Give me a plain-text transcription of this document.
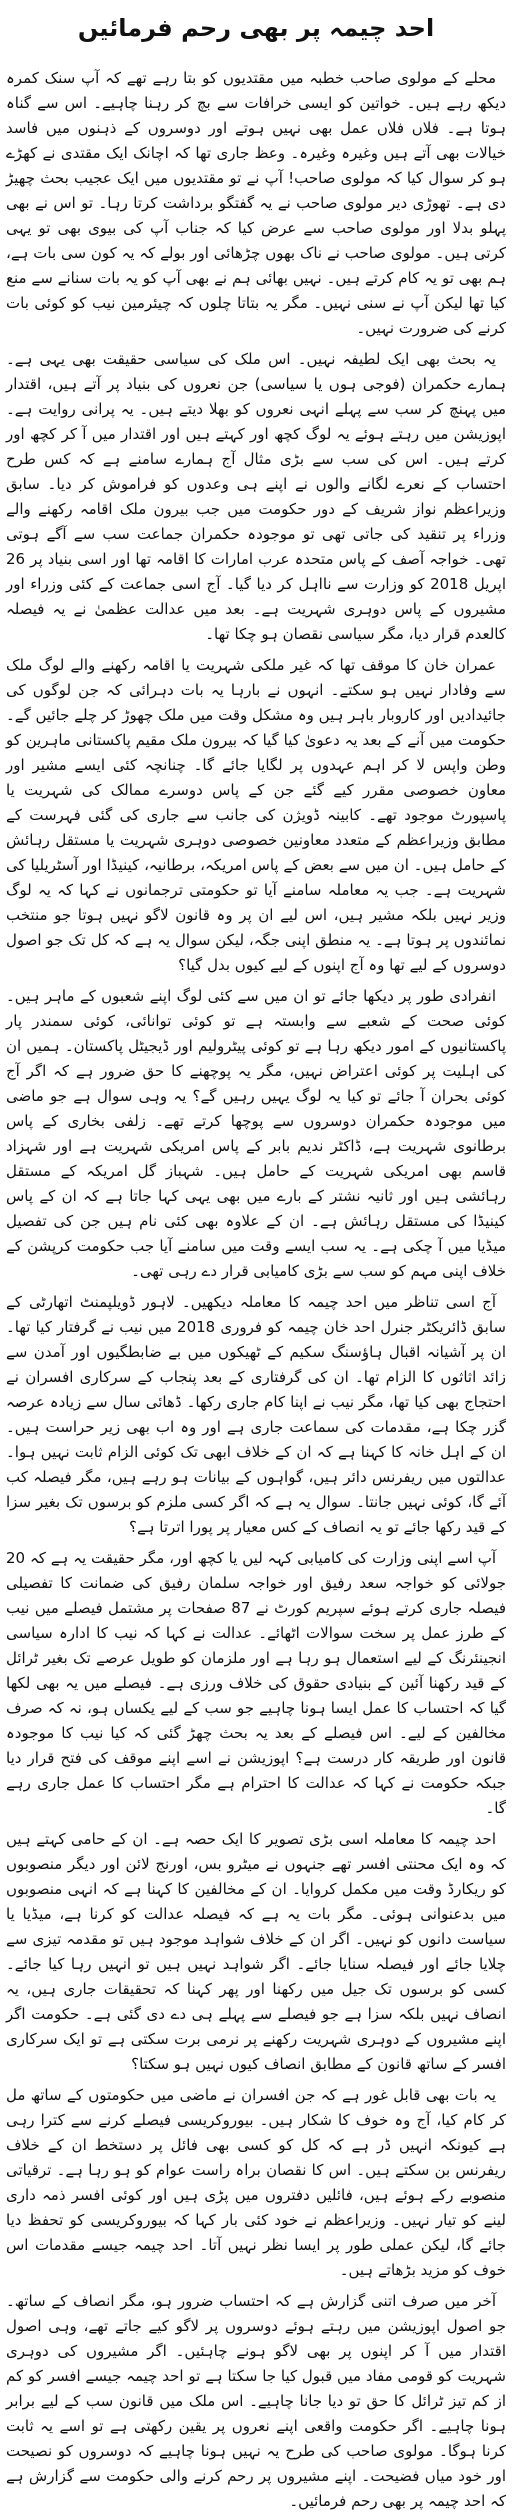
احد چیمہ پر بھی رحم فرمائیں

محلے کے مولوی صاحب خطبہ میں مقتدیوں کو بتا رہے تھے کہ آپ سنک کمرہ دیکھ رہے ہیں۔ خواتین کو ایسی خرافات سے بچ کر رہنا چاہیے۔ اس سے گناہ ہوتا ہے۔ فلاں فلاں عمل بھی نہیں ہوتے اور دوسروں کے ذہنوں میں فاسد خیالات بھی آتے ہیں وغیرہ وغیرہ۔ وعظ جاری تھا کہ اچانک ایک مقتدی نے کھڑے ہو کر سوال کیا کہ مولوی صاحب! آپ نے تو مقتدیوں میں ایک عجیب بحث چھیڑ دی ہے۔ تھوڑی دیر مولوی صاحب نے یہ گفتگو برداشت کرتا رہا۔ تو اس نے بھی پہلو بدلا اور مولوی صاحب سے عرض کیا کہ جناب آپ کی بیوی بھی تو یہی کرتی ہیں۔ مولوی صاحب نے ناک بھوں چڑھائی اور بولے کہ یہ کون سی بات ہے، ہم بھی تو یہ کام کرتے ہیں۔ نہیں بھائی ہم نے بھی آپ کو یہ بات سنانے سے منع کیا تھا لیکن آپ نے سنی نہیں۔ مگر یہ بتاتا چلوں کہ چیئرمین نیب کو کوئی بات کرنے کی ضرورت نہیں۔

یہ بحث بھی ایک لطیفہ نہیں۔ اس ملک کی سیاسی حقیقت بھی یہی ہے۔ ہمارے حکمران (فوجی ہوں یا سیاسی) جن نعروں کی بنیاد پر آتے ہیں، اقتدار میں پہنچ کر سب سے پہلے انہی نعروں کو بھلا دیتے ہیں۔ یہ پرانی روایت ہے۔ اپوزیشن میں رہتے ہوئے یہ لوگ کچھ اور کہتے ہیں اور اقتدار میں آ کر کچھ اور کرتے ہیں۔ اس کی سب سے بڑی مثال آج ہمارے سامنے ہے کہ کس طرح احتساب کے نعرے لگانے والوں نے اپنے ہی وعدوں کو فراموش کر دیا۔ سابق وزیراعظم نواز شریف کے دور حکومت میں جب بیرون ملک اقامہ رکھنے والے وزراء پر تنقید کی جاتی تھی تو موجودہ حکمران جماعت سب سے آگے ہوتی تھی۔ خواجہ آصف کے پاس متحدہ عرب امارات کا اقامہ تھا اور اسی بنیاد پر 26 اپریل 2018 کو وزارت سے نااہل کر دیا گیا۔ آج اسی جماعت کے کئی وزراء اور مشیروں کے پاس دوہری شہریت ہے۔ بعد میں عدالت عظمیٰ نے یہ فیصلہ کالعدم قرار دیا، مگر سیاسی نقصان ہو چکا تھا۔

عمران خان کا موقف تھا کہ غیر ملکی شہریت یا اقامہ رکھنے والے لوگ ملک سے وفادار نہیں ہو سکتے۔ انہوں نے بارہا یہ بات دہرائی کہ جن لوگوں کی جائیدادیں اور کاروبار باہر ہیں وہ مشکل وقت میں ملک چھوڑ کر چلے جائیں گے۔ حکومت میں آنے کے بعد یہ دعویٰ کیا گیا کہ بیرون ملک مقیم پاکستانی ماہرین کو وطن واپس لا کر اہم عہدوں پر لگایا جائے گا۔ چنانچہ کئی ایسے مشیر اور معاون خصوصی مقرر کیے گئے جن کے پاس دوسرے ممالک کی شہریت یا پاسپورٹ موجود تھے۔ کابینہ ڈویژن کی جانب سے جاری کی گئی فہرست کے مطابق وزیراعظم کے متعدد معاونین خصوصی دوہری شہریت یا مستقل رہائش کے حامل ہیں۔ ان میں سے بعض کے پاس امریکہ، برطانیہ، کینیڈا اور آسٹریلیا کی شہریت ہے۔ جب یہ معاملہ سامنے آیا تو حکومتی ترجمانوں نے کہا کہ یہ لوگ وزیر نہیں بلکہ مشیر ہیں، اس لیے ان پر وہ قانون لاگو نہیں ہوتا جو منتخب نمائندوں پر ہوتا ہے۔ یہ منطق اپنی جگہ، لیکن سوال یہ ہے کہ کل تک جو اصول دوسروں کے لیے تھا وہ آج اپنوں کے لیے کیوں بدل گیا؟

انفرادی طور پر دیکھا جائے تو ان میں سے کئی لوگ اپنے شعبوں کے ماہر ہیں۔ کوئی صحت کے شعبے سے وابستہ ہے تو کوئی توانائی، کوئی سمندر پار پاکستانیوں کے امور دیکھ رہا ہے تو کوئی پیٹرولیم اور ڈیجیٹل پاکستان۔ ہمیں ان کی اہلیت پر کوئی اعتراض نہیں، مگر یہ پوچھنے کا حق ضرور ہے کہ اگر آج کوئی بحران آ جائے تو کیا یہ لوگ یہیں رہیں گے؟ یہ وہی سوال ہے جو ماضی میں موجودہ حکمران دوسروں سے پوچھا کرتے تھے۔ زلفی بخاری کے پاس برطانوی شہریت ہے، ڈاکٹر ندیم بابر کے پاس امریکی شہریت ہے اور شہزاد قاسم بھی امریکی شہریت کے حامل ہیں۔ شہباز گل امریکہ کے مستقل رہائشی ہیں اور ثانیہ نشتر کے بارے میں بھی یہی کہا جاتا ہے کہ ان کے پاس کینیڈا کی مستقل رہائش ہے۔ ان کے علاوہ بھی کئی نام ہیں جن کی تفصیل میڈیا میں آ چکی ہے۔ یہ سب ایسے وقت میں سامنے آیا جب حکومت کرپشن کے خلاف اپنی مہم کو سب سے بڑی کامیابی قرار دے رہی تھی۔

آج اسی تناظر میں احد چیمہ کا معاملہ دیکھیں۔ لاہور ڈویلپمنٹ اتھارٹی کے سابق ڈائریکٹر جنرل احد خان چیمہ کو فروری 2018 میں نیب نے گرفتار کیا تھا۔ ان پر آشیانہ اقبال ہاؤسنگ سکیم کے ٹھیکوں میں بے ضابطگیوں اور آمدن سے زائد اثاثوں کا الزام تھا۔ ان کی گرفتاری کے بعد پنجاب کے سرکاری افسران نے احتجاج بھی کیا تھا، مگر نیب نے اپنا کام جاری رکھا۔ ڈھائی سال سے زیادہ عرصہ گزر چکا ہے، مقدمات کی سماعت جاری ہے اور وہ اب بھی زیر حراست ہیں۔ ان کے اہل خانہ کا کہنا ہے کہ ان کے خلاف ابھی تک کوئی الزام ثابت نہیں ہوا۔ عدالتوں میں ریفرنس دائر ہیں، گواہوں کے بیانات ہو رہے ہیں، مگر فیصلہ کب آئے گا، کوئی نہیں جانتا۔ سوال یہ ہے کہ اگر کسی ملزم کو برسوں تک بغیر سزا کے قید رکھا جائے تو یہ انصاف کے کس معیار پر پورا اترتا ہے؟

آپ اسے اپنی وزارت کی کامیابی کہہ لیں یا کچھ اور، مگر حقیقت یہ ہے کہ 20 جولائی کو خواجہ سعد رفیق اور خواجہ سلمان رفیق کی ضمانت کا تفصیلی فیصلہ جاری کرتے ہوئے سپریم کورٹ نے 87 صفحات پر مشتمل فیصلے میں نیب کے طرز عمل پر سخت سوالات اٹھائے۔ عدالت نے کہا کہ نیب کا ادارہ سیاسی انجینئرنگ کے لیے استعمال ہو رہا ہے اور ملزمان کو طویل عرصے تک بغیر ٹرائل کے قید رکھنا آئین کے بنیادی حقوق کی خلاف ورزی ہے۔ فیصلے میں یہ بھی لکھا گیا کہ احتساب کا عمل ایسا ہونا چاہیے جو سب کے لیے یکساں ہو، نہ کہ صرف مخالفین کے لیے۔ اس فیصلے کے بعد یہ بحث چھڑ گئی کہ کیا نیب کا موجودہ قانون اور طریقہ کار درست ہے؟ اپوزیشن نے اسے اپنے موقف کی فتح قرار دیا جبکہ حکومت نے کہا کہ عدالت کا احترام ہے مگر احتساب کا عمل جاری رہے گا۔

احد چیمہ کا معاملہ اسی بڑی تصویر کا ایک حصہ ہے۔ ان کے حامی کہتے ہیں کہ وہ ایک محنتی افسر تھے جنہوں نے میٹرو بس، اورنج لائن اور دیگر منصوبوں کو ریکارڈ وقت میں مکمل کروایا۔ ان کے مخالفین کا کہنا ہے کہ انہی منصوبوں میں بدعنوانی ہوئی۔ مگر بات یہ ہے کہ فیصلہ عدالت کو کرنا ہے، میڈیا یا سیاست دانوں کو نہیں۔ اگر ان کے خلاف شواہد موجود ہیں تو مقدمہ تیزی سے چلایا جائے اور فیصلہ سنایا جائے۔ اگر شواہد نہیں ہیں تو انہیں رہا کیا جائے۔ کسی کو برسوں تک جیل میں رکھنا اور پھر کہنا کہ تحقیقات جاری ہیں، یہ انصاف نہیں بلکہ سزا ہے جو فیصلے سے پہلے ہی دے دی گئی ہے۔ حکومت اگر اپنے مشیروں کے دوہری شہریت رکھنے پر نرمی برت سکتی ہے تو ایک سرکاری افسر کے ساتھ قانون کے مطابق انصاف کیوں نہیں ہو سکتا؟

یہ بات بھی قابل غور ہے کہ جن افسران نے ماضی میں حکومتوں کے ساتھ مل کر کام کیا، آج وہ خوف کا شکار ہیں۔ بیوروکریسی فیصلے کرنے سے کترا رہی ہے کیونکہ انہیں ڈر ہے کہ کل کو کسی بھی فائل پر دستخط ان کے خلاف ریفرنس بن سکتے ہیں۔ اس کا نقصان براہ راست عوام کو ہو رہا ہے۔ ترقیاتی منصوبے رکے ہوئے ہیں، فائلیں دفتروں میں پڑی ہیں اور کوئی افسر ذمہ داری لینے کو تیار نہیں۔ وزیراعظم نے خود کئی بار کہا کہ بیوروکریسی کو تحفظ دیا جائے گا، لیکن عملی طور پر ایسا نظر نہیں آتا۔ احد چیمہ جیسے مقدمات اس خوف کو مزید بڑھاتے ہیں۔

آخر میں صرف اتنی گزارش ہے کہ احتساب ضرور ہو، مگر انصاف کے ساتھ۔ جو اصول اپوزیشن میں رہتے ہوئے دوسروں پر لاگو کیے جاتے تھے، وہی اصول اقتدار میں آ کر اپنوں پر بھی لاگو ہونے چاہئیں۔ اگر مشیروں کی دوہری شہریت کو قومی مفاد میں قبول کیا جا سکتا ہے تو احد چیمہ جیسے افسر کو کم از کم تیز ٹرائل کا حق تو دیا جانا چاہیے۔ اس ملک میں قانون سب کے لیے برابر ہونا چاہیے۔ اگر حکومت واقعی اپنے نعروں پر یقین رکھتی ہے تو اسے یہ ثابت کرنا ہوگا۔ مولوی صاحب کی طرح یہ نہیں ہونا چاہیے کہ دوسروں کو نصیحت اور خود میاں فضیحت۔ اپنے مشیروں پر رحم کرنے والی حکومت سے گزارش ہے کہ احد چیمہ پر بھی رحم فرمائیں۔
